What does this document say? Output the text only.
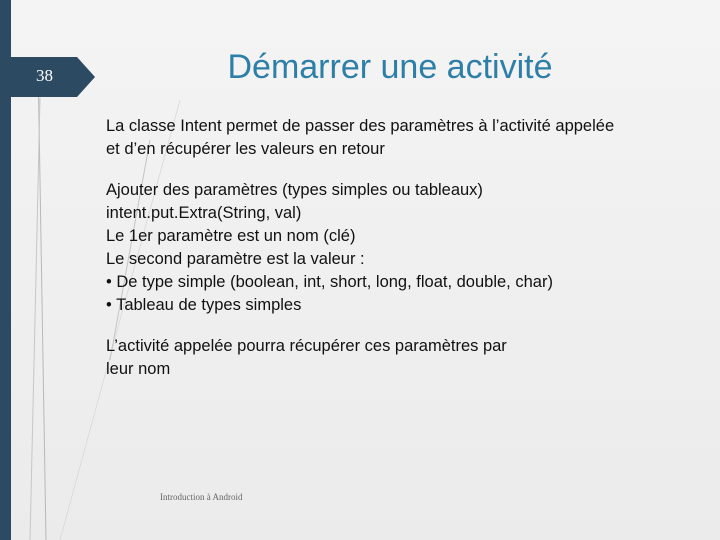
38	Démarrer une activité
La classe Intent permet de passer des paramètres à l’activité appelée
et d’en récupérer les valeurs en retour
Ajouter des paramètres (types simples ou tableaux)
intent.put.Extra(String, val)
Le 1er paramètre est un nom (clé)
Le second paramètre est la valeur :
• De type simple (boolean, int, short, long, float, double, char)
• Tableau de types simples
L’activité appelée pourra récupérer ces paramètres par
leur nom
Introduction à Android
